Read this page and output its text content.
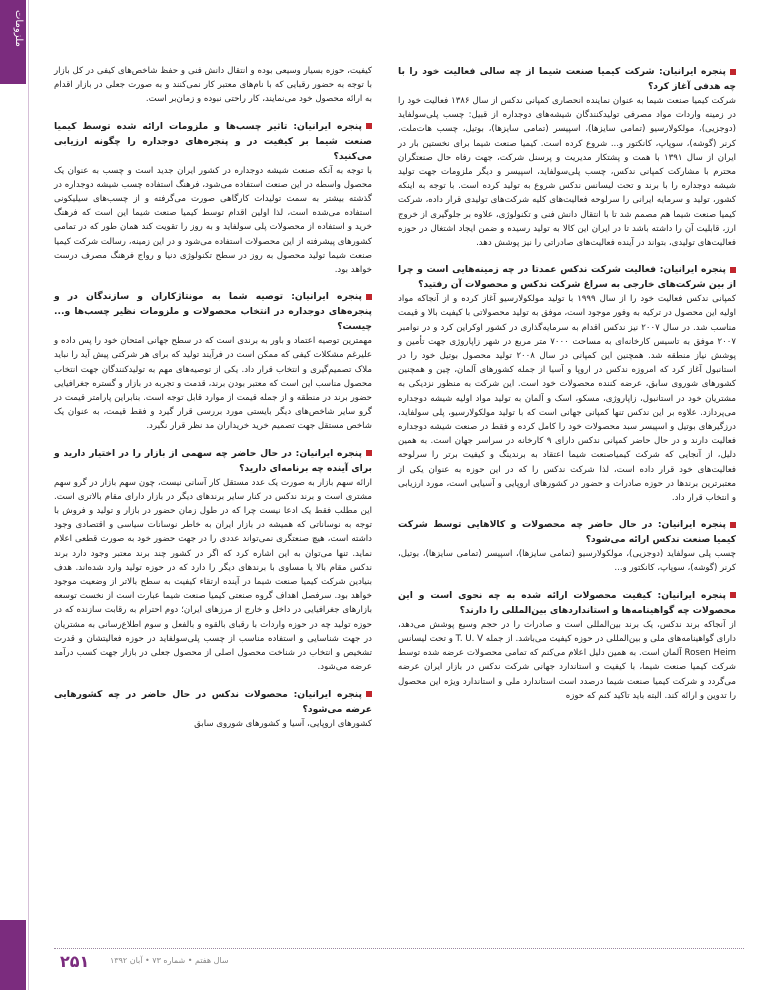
ملزومات

پنجره ایرانیان: شرکت کیمیا صنعت شیما از چه سالی فعالیت خود را با چه هدفی آغاز کرد؟

شرکت کیمیا صنعت شیما به عنوان نماینده انحصاری کمپانی ندکس از سال ۱۳۸۶ فعالیت خود را در زمینه واردات مواد مصرفی تولیدکنندگان شیشه‌های دوجداره از قبیل: چسب پلی‌سولفاید (دوجزیی)، مولکولارسیو (تمامی سایزها)، اسپیسر (تمامی سایزها)، بوتیل، چسب هات‌ملت، کرنر (گوشه)، سوپاپ، کانکتور و... شروع کرده است. کیمیا صنعت شیما برای نخستین بار در ایران از سال ۱۳۹۱ با همت و پشتکار مدیریت و پرسنل شرکت، جهت رفاه حال صنعتگران محترم با مشارکت کمپانی ندکس، چسب پلی‌سولفاید، اسپیسر و دیگر ملزومات جهت تولید شیشه دوجداره را با برند و تحت لیسانس ندکس شروع به تولید کرده است. با توجه به اینکه کشور، تولید و سرمایه ایرانی را سرلوحه فعالیت‌های کلیه شرکت‌های تولیدی قرار داده، شرکت کیمیا صنعت شیما هم مصمم شد تا با انتقال دانش فنی و تکنولوژی، علاوه بر جلوگیری از خروج ارز، قابلیت آن را داشته باشد تا در ایران این کالا به تولید رسیده و ضمن ایجاد اشتغال در حوزه فعالیت‌های تولیدی، بتواند در آینده فعالیت‌های صادراتی را نیز پوشش دهد.

پنجره ایرانیان: فعالیت شرکت ندکس عمدتا در چه زمینه‌هایی است و چرا از بین شرکت‌های خارجی به سراغ شرکت ندکس و محصولات آن رفتید؟

کمپانی ندکس فعالیت خود را از سال ۱۹۹۹ با تولید مولکولارسیو آغاز کرده و از آنجاکه مواد اولیه این محصول در ترکیه به وفور موجود است، موفق به تولید محصولاتی با کیفیت بالا و قیمت مناسب شد. در سال ۲۰۰۷ نیز ندکس اقدام به سرمایه‌گذاری در کشور اوکراین کرد و در نوامبر ۲۰۰۷ موفق به تاسیس کارخانه‌ای به مساحت ۷۰۰۰ متر مربع در شهر زاپاروژی جهت تأمین و پوشش نیاز منطقه شد. همچنین این کمپانی در سال ۲۰۰۸ تولید محصول بوتیل خود را در استانبول آغاز کرد که امروزه ندکس در اروپا و آسیا از جمله کشورهای آلمان، چین و همچنین کشورهای شوروی سابق، عرضه کننده محصولات خود است. این شرکت به منظور نزدیکی به مشتریان خود در استانبول، زاپاروژی، مسکو، اسک و آلمان به تولید مواد اولیه شیشه دوجداره می‌پردازد. علاوه بر این ندکس تنها کمپانی جهانی است که با تولید مولکولارسیو، پلی سولفاید، درزگیرهای بوتیل و اسپیسر سبد محصولات خود را کامل کرده و فقط در صنعت شیشه دوجداره فعالیت دارند و در حال حاضر کمپانی ندکس دارای ۹ کارخانه در سراسر جهان است. به همین دلیل، از آنجایی که شرکت کیمیاصنعت شیما اعتقاد به برندینگ و کیفیت برتر را سرلوحه فعالیت‌های خود قرار داده است، لذا شرکت ندکس را که در این حوزه به عنوان یکی از معتبرترین برندها در حوزه صادرات و حضور در کشورهای اروپایی و آسیایی است، مورد ارزیابی و انتخاب قرار داد.

پنجره ایرانیان: در حال حاضر چه محصولات و کالاهایی توسط شرکت کیمیا صنعت ندکس ارائه می‌شود؟

چسب پلی سولفاید (دوجزیی)، مولکولارسیو (تمامی سایزها)، اسپیسر (تمامی سایزها)، بوتیل، کرنر (گوشه)، سوپاپ، کانکتور و...

پنجره ایرانیان: کیفیت محصولات ارائه شده به چه نحوی است و این محصولات چه گواهینامه‌ها و استانداردهای بین‌المللی را دارند؟

از آنجاکه برند ندکس، یک برند بین‌المللی است و صادرات را در حجم وسیع پوشش می‌دهد، دارای گواهینامه‌های ملی و بین‌المللی در حوزه کیفیت می‌باشد. از جمله T. U. V و تحت لیسانس Rosen Heim آلمان است. به همین دلیل اعلام می‌کنم که تمامی محصولات عرضه شده توسط شرکت کیمیا صنعت شیما، با کیفیت و استاندارد جهانی شرکت ندکس در بازار ایران عرضه می‌گردد و شرکت کیمیا صنعت شیما درصدد است استاندارد ملی و استاندارد ویژه این محصول را تدوین و ارائه کند. البته باید تاکید کنم که حوزه

کیفیت، حوزه بسیار وسیعی بوده و انتقال دانش فنی و حفظ شاخص‌های کیفی در کل بازار با توجه به حضور رقبایی که با نام‌های معتبر کار نمی‌کنند و به صورت جعلی در بازار اقدام به ارائه محصول خود می‌نمایند، کار راحتی نبوده و زمان‌بر است.

پنجره ایرانیان: تاثیر چسب‌ها و ملزومات ارائه شده توسط کیمیا صنعت شیما بر کیفیت در و پنجره‌های دوجداره را چگونه ارزیابی می‌کنید؟

با توجه به آنکه صنعت شیشه دوجداره در کشور ایران جدید است و چسب به عنوان یک محصول واسطه در این صنعت استفاده می‌شود، فرهنگ استفاده چسب شیشه دوجداره در گذشته بیشتر به سمت تولیدات کارگاهی صورت می‌گرفته و از چسب‌های سیلیکونی استفاده می‌شده است، لذا اولین اقدام توسط کیمیا صنعت شیما این است که فرهنگ خرید و استفاده از محصولات پلی سولفاید و به روز را تقویت کند همان طور که در تمامی کشورهای پیشرفته از این محصولات استفاده می‌شود و در این زمینه، رسالت شرکت کیمیا صنعت شیما تولید محصول به روز در سطح تکنولوژی دنیا و رواج فرهنگ مصرف درست خواهد بود.

پنجره ایرانیان: توصیه شما به مونتاژکاران و سازندگان در و پنجره‌های دوجداره در انتخاب محصولات و ملزومات نظیر چسب‌ها و... چیست؟

مهمترین توصیه اعتماد و باور به برندی است که در سطح جهانی امتحان خود را پس داده و علیرغم مشکلات کیفی که ممکن است در فرآیند تولید که برای هر شرکتی پیش آید را نباید ملاک تصمیم‌گیری و انتخاب قرار داد. یکی از توصیه‌های مهم به تولیدکنندگان جهت انتخاب محصول مناسب این است که معتبر بودن برند، قدمت و تجربه در بازار و گستره جغرافیایی حضور برند در منطقه و از جمله قیمت از موارد قابل توجه است. بنابراین پارامتر قیمت در گرو سایر شاخص‌های دیگر بایستی مورد بررسی قرار گیرد و فقط قیمت، به عنوان یک شاخص مستقل جهت تصمیم خرید خریداران مد نظر قرار نگیرد.

پنجره ایرانیان: در حال حاضر چه سهمی از بازار را در اختیار دارید و برای آینده چه برنامه‌ای دارید؟

ارائه سهم بازار به صورت یک عدد مستقل کار آسانی نیست، چون سهم بازار در گرو سهم مشتری است و برند ندکس در کنار سایر برندهای دیگر در بازار دارای مقام بالاتری است. این مطلب فقط یک ادعا نیست چرا که در طول زمان حضور در بازار و تولید و فروش با توجه به نوساناتی که همیشه در بازار ایران به خاطر نوسانات سیاسی و اقتصادی وجود داشته است، هیچ صنعتگری نمی‌تواند عددی را در جهت حضور خود به صورت قطعی اعلام نماید. تنها می‌توان به این اشاره کرد که اگر در کشور چند برند معتبر وجود دارد برند ندکس مقام بالا یا مساوی با برندهای دیگر را دارد که در حوزه تولید وارد شده‌اند. هدف بنیادین شرکت کیمیا صنعت شیما در آینده ارتقاء کیفیت به سطح بالاتر از وضعیت موجود خواهد بود. سرفصل اهداف گروه صنعتی کیمیا صنعت شیما عبارت است از نخست توسعه بازارهای جغرافیایی در داخل و خارج از مرزهای ایران؛ دوم احترام به رقابت سازنده که در حوزه تولید چه در حوزه واردات با رقبای بالقوه و بالفعل و سوم اطلاع‌رسانی به مشتریان در جهت شناسایی و استفاده مناسب از چسب پلی‌سولفاید در حوزه فعالیتشان و قدرت تشخیص و انتخاب در شناخت محصول اصلی از محصول جعلی در بازار جهت کسب درآمد عرضه می‌شود.

پنجره ایرانیان: محصولات ندکس در حال حاضر در چه کشورهایی عرضه می‌شود؟

کشورهای اروپایی، آسیا و کشورهای شوروی سابق

۲۵۱	سال هفتم • شماره ۷۳ • آبان ۱۳۹۲
